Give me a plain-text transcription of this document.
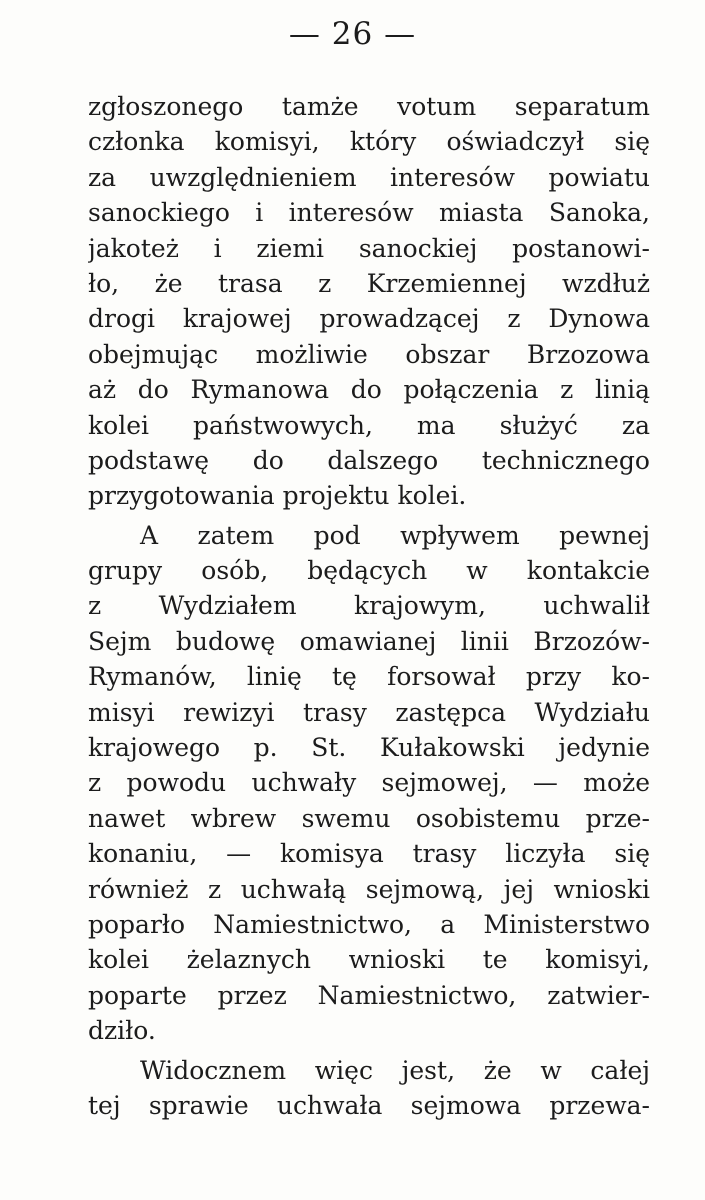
— 26 —
zgłoszonego tamże votum separatum
członka komisyi, który oświadczył się
za uwzględnieniem interesów powiatu
sanockiego i interesów miasta Sanoka,
jakoteż i ziemi sanockiej postanowi-
ło, że trasa z Krzemiennej wzdłuż
drogi krajowej prowadzącej z Dynowa
obejmując możliwie obszar Brzozowa
aż do Rymanowa do połączenia z linią
kolei państwowych, ma służyć za
podstawę do dalszego technicznego
przygotowania projektu kolei.
A zatem pod wpływem pewnej
grupy osób, będących w kontakcie
z Wydziałem krajowym, uchwalił
Sejm budowę omawianej linii Brzozów-
Rymanów, linię tę forsował przy ko-
misyi rewizyi trasy zastępca Wydziału
krajowego p. St. Kułakowski jedynie
z powodu uchwały sejmowej, — może
nawet wbrew swemu osobistemu prze-
konaniu, — komisya trasy liczyła się
również z uchwałą sejmową, jej wnioski
poparło Namiestnictwo, a Ministerstwo
kolei żelaznych wnioski te komisyi,
poparte przez Namiestnictwo, zatwier-
dziło.
Widocznem więc jest, że w całej
tej sprawie uchwała sejmowa przewa-
